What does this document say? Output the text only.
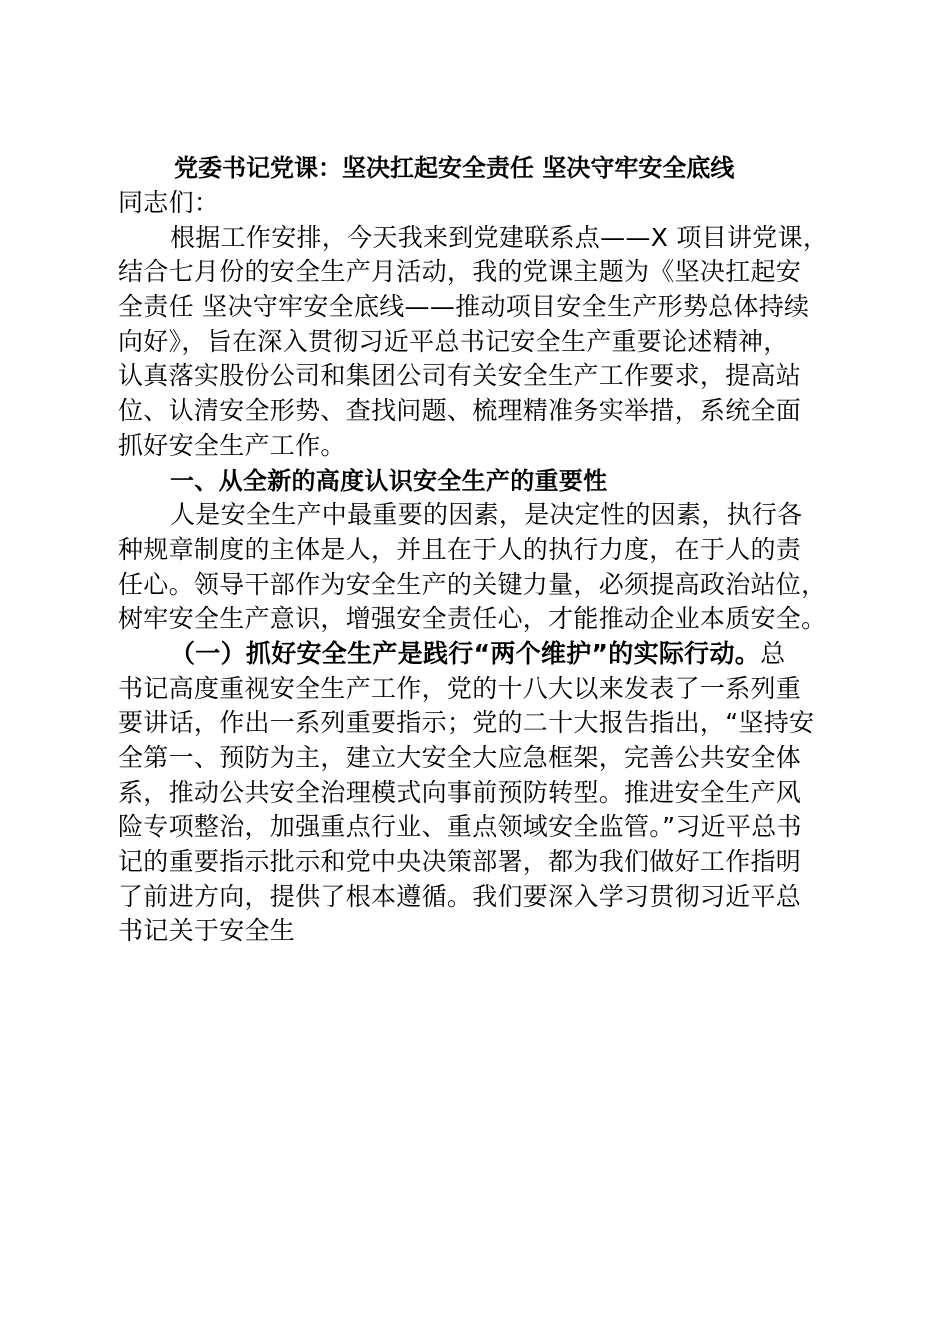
党委书记党课：坚决扛起安全责任 坚决守牢安全底线
同志们：
根据工作安排，今天我来到党建联系点——X 项目讲党课，
结合七月份的安全生产月活动，我的党课主题为《坚决扛起安
全责任 坚决守牢安全底线——推动项目安全生产形势总体持续
向好》，旨在深入贯彻习近平总书记安全生产重要论述精神，
认真落实股份公司和集团公司有关安全生产工作要求，提高站
位、认清安全形势、查找问题、梳理精准务实举措，系统全面
抓好安全生产工作。
一、从全新的高度认识安全生产的重要性
人是安全生产中最重要的因素，是决定性的因素，执行各
种规章制度的主体是人，并且在于人的执行力度，在于人的责
任心。领导干部作为安全生产的关键力量，必须提高政治站位，
树牢安全生产意识，增强安全责任心，才能推动企业本质安全。
（一）抓好安全生产是践行“两个维护”的实际行动。总
书记高度重视安全生产工作，党的十八大以来发表了一系列重
要讲话，作出一系列重要指示；党的二十大报告指出，“坚持安
全第一、预防为主，建立大安全大应急框架，完善公共安全体
系，推动公共安全治理模式向事前预防转型。推进安全生产风
险专项整治，加强重点行业、重点领域安全监管。”习近平总书
记的重要指示批示和党中央决策部署，都为我们做好工作指明
了前进方向，提供了根本遵循。我们要深入学习贯彻习近平总
书记关于安全生
